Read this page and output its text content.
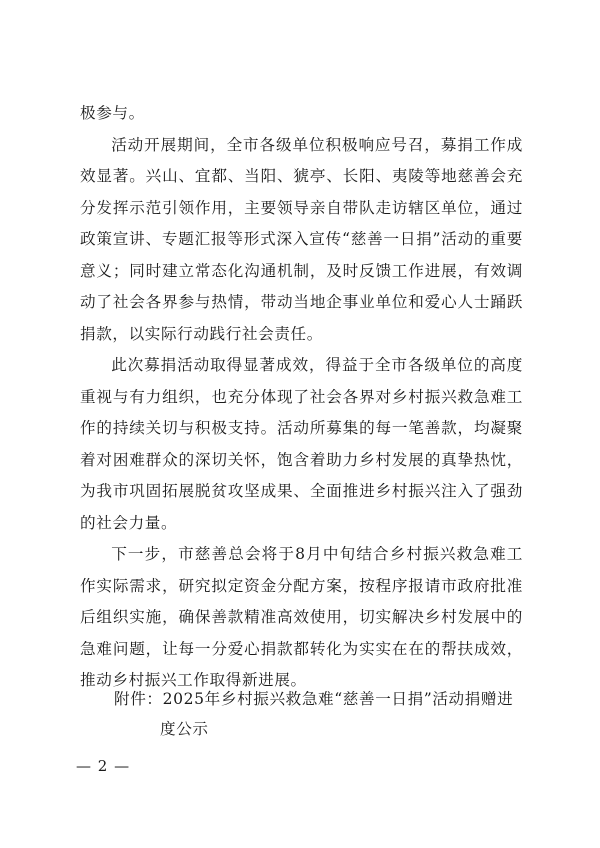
极参与。

活动开展期间，全市各级单位积极响应号召，募捐工作成效显著。兴山、宜都、当阳、猇亭、长阳、夷陵等地慈善会充分发挥示范引领作用，主要领导亲自带队走访辖区单位，通过政策宣讲、专题汇报等形式深入宣传“慈善一日捐”活动的重要意义；同时建立常态化沟通机制，及时反馈工作进展，有效调动了社会各界参与热情，带动当地企事业单位和爱心人士踊跃捐款，以实际行动践行社会责任。

此次募捐活动取得显著成效，得益于全市各级单位的高度重视与有力组织，也充分体现了社会各界对乡村振兴救急难工作的持续关切与积极支持。活动所募集的每一笔善款，均凝聚着对困难群众的深切关怀，饱含着助力乡村发展的真挚热忱，为我市巩固拓展脱贫攻坚成果、全面推进乡村振兴注入了强劲的社会力量。

下一步，市慈善总会将于8月中旬结合乡村振兴救急难工作实际需求，研究拟定资金分配方案，按程序报请市政府批准后组织实施，确保善款精准高效使用，切实解决乡村发展中的急难问题，让每一分爱心捐款都转化为实实在在的帮扶成效，推动乡村振兴工作取得新进展。

附件：2025年乡村振兴救急难“慈善一日捐”活动捐赠进
度公示
— 2 —
